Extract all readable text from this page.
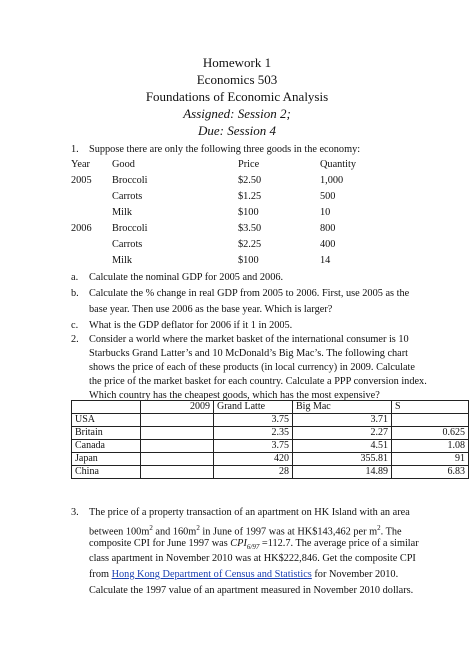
Homework 1
Economics 503
Foundations of Economic Analysis
Assigned: Session 2;
Due: Session 4
1. Suppose there are only the following three goods in the economy:
Year Good	Price	Quantity
2005 Broccoli	$2.50	1,000
Carrots	$1.25	500
Milk	$100	10
2006 Broccoli	$3.50	800
Carrots	$2.25	400
Milk	$100	14
a. Calculate the nominal GDP for 2005 and 2006.
b. Calculate the % change in real GDP from 2005 to 2006. First, use 2005 as the
base year. Then use 2006 as the base year. Which is larger?
c. What is the GDP deflator for 2006 if it 1 in 2005.
2. Consider a world where the market basket of the international consumer is 10
Starbucks Grand Latter’s and 10 McDonald’s Big Mac’s. The following chart
shows the price of each of these products (in local currency) in 2009. Calculate
the price of the market basket for each country. Calculate a PPP conversion index.
Which country has the cheapest goods, which has the most expensive?
	2009	Grand Latte	Big Mac	S
USA		3.75	3.71	
Britain		2.35	2.27	0.625
Canada		3.75	4.51	1.08
Japan		420	355.81	91
China		28	14.89	6.83
3. The price of a property transaction of an apartment on HK Island with an area
between $100m^2$ and $160m^2$ in June of 1997 was at HK$143,462 per $m^2$. The
composite CPI for June 1997 was $CPI_{6/97} =112.7$. The average price of a similar
class apartment in November 2010 was at HK$222,846. Get the composite CPI
from Hong Kong Department of Census and Statistics for November 2010.
Calculate the 1997 value of an apartment measured in November 2010 dollars.
